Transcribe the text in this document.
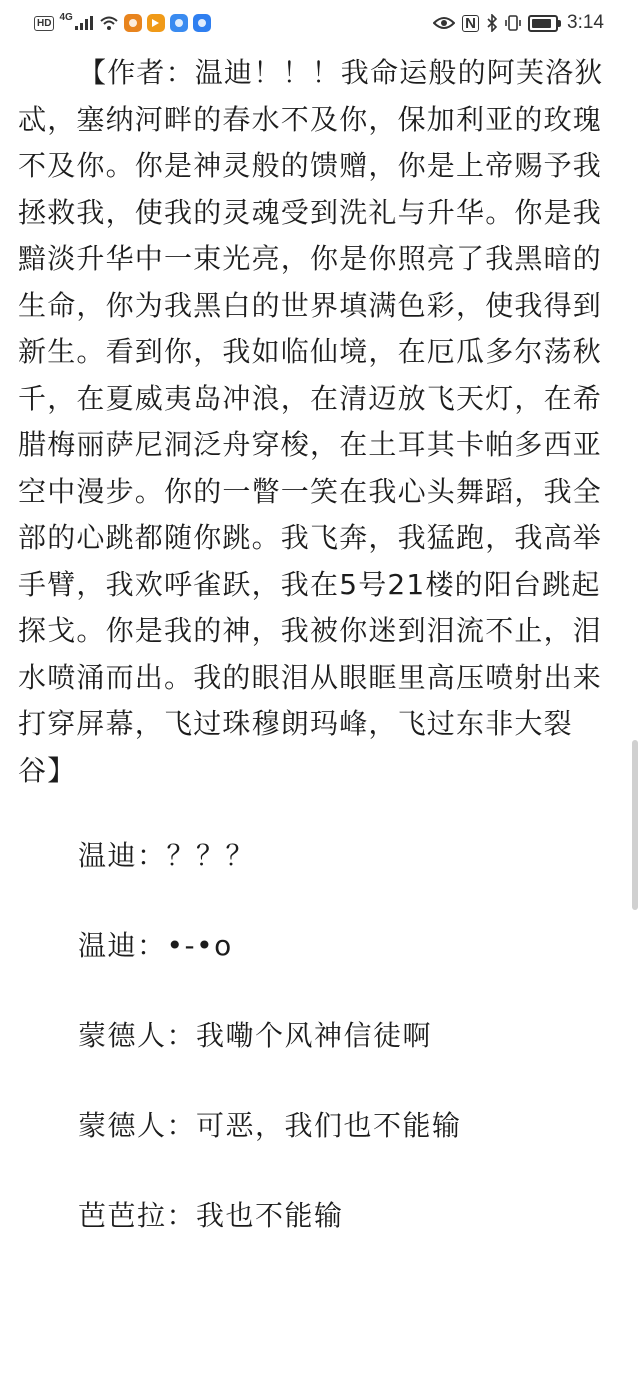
HD
4G	N	3:14

【作者：温迪！！！我命运般的阿芙洛狄忒，塞纳河畔的春水不及你，保加利亚的玫瑰不及你。你是神灵般的馈赠，你是上帝赐予我拯救我，使我的灵魂受到洗礼与升华。你是我黯淡升华中一束光亮，你是你照亮了我黑暗的生命，你为我黑白的世界填满色彩，使我得到新生。看到你，我如临仙境，在厄瓜多尔荡秋千，在夏威夷岛冲浪，在清迈放飞天灯，在希腊梅丽萨尼洞泛舟穿梭，在土耳其卡帕多西亚空中漫步。你的一瞥一笑在我心头舞蹈，我全部的心跳都随你跳。我飞奔，我猛跑，我高举手臂，我欢呼雀跃，我在5号21楼的阳台跳起探戈。你是我的神，我被你迷到泪流不止，泪水喷涌而出。我的眼泪从眼眶里高压喷射出来打穿屏幕，飞过珠穆朗玛峰，飞过东非大裂谷】

温迪：？？？

温迪：•-•o

蒙德人：我嘞个风神信徒啊

蒙德人：可恶，我们也不能输

芭芭拉：我也不能输
